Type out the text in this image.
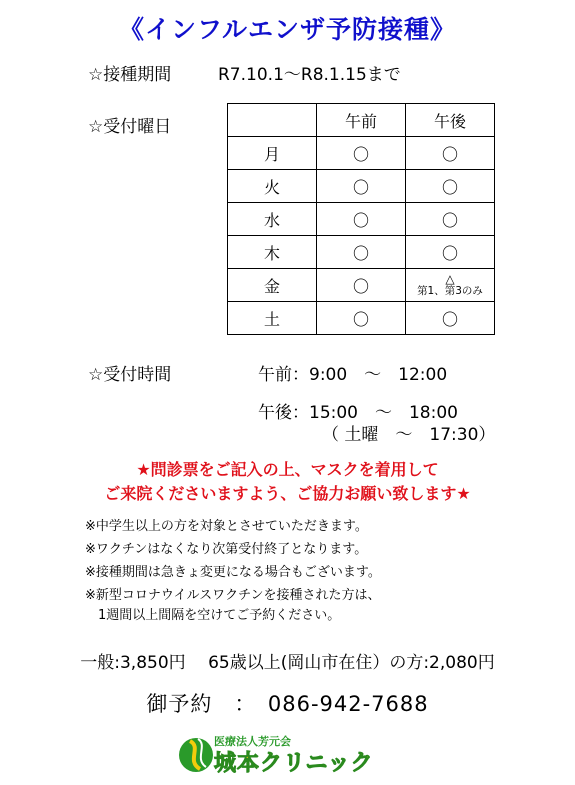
《インフルエンザ予防接種》
☆接種期間	R7.10.1～R8.1.15まで
☆受付曜日
		午前	午後
月	〇	〇
火	〇	〇
水	〇	〇
木	〇	〇
金	〇	△
第1、第3のみ

土	〇	〇
☆受付時間	午前：9:00　～　12:00
午後：15:00　～　18:00
（ 土曜　～　17:30）
★問診票をご記入の上、マスクを着用して
ご来院くださいますよう、ご協力お願い致します★
※中学生以上の方を対象とさせていただきます。
※ワクチンはなくなり次第受付終了となります。
※接種期間は急きょ変更になる場合もございます。
※新型コロナウイルスワクチンを接種された方は、
　1週間以上間隔を空けてご予約ください。
一般:3,850円　 65歳以上(岡山市在住）の方:2,080円
御予約　：　086-942-7688
医療法人芳元会
城本クリニック
